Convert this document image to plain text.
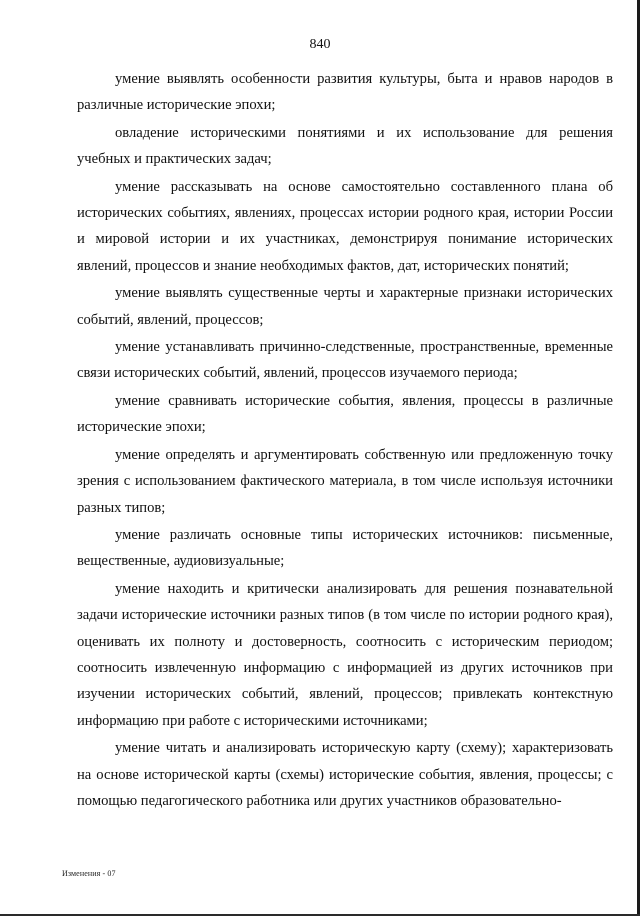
840

умение выявлять особенности развития культуры, быта и нравов народов в различные исторические эпохи;

овладение историческими понятиями и их использование для решения учебных и практических задач;

умение рассказывать на основе самостоятельно составленного плана об исторических событиях, явлениях, процессах истории родного края, истории России и мировой истории и их участниках, демонстрируя понимание исторических явлений, процессов и знание необходимых фактов, дат, исторических понятий;

умение выявлять существенные черты и характерные признаки исторических событий, явлений, процессов;

умение устанавливать причинно-следственные, пространственные, временные связи исторических событий, явлений, процессов изучаемого периода;

умение сравнивать исторические события, явления, процессы в различные исторические эпохи;

умение определять и аргументировать собственную или предложенную точку зрения с использованием фактического материала, в том числе используя источники разных типов;

умение различать основные типы исторических источников: письменные, вещественные, аудиовизуальные;

умение находить и критически анализировать для решения познавательной задачи исторические источники разных типов (в том числе по истории родного края), оценивать их полноту и достоверность, соотносить с историческим периодом; соотносить извлеченную информацию с информацией из других источников при изучении исторических событий, явлений, процессов; привлекать контекстную информацию при работе с историческими источниками;

умение читать и анализировать историческую карту (схему); характеризовать на основе исторической карты (схемы) исторические события, явления, процессы; с помощью педагогического работника или других участников образовательно-

Изменения - 07
